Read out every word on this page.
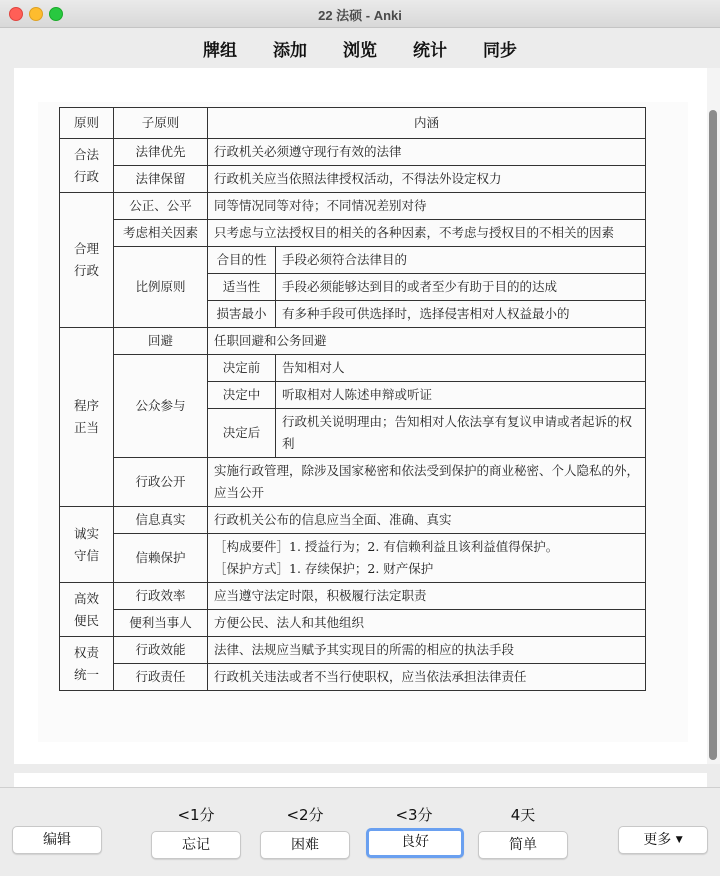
22 法硕 - Anki
牌组 添加 浏览 统计 同步
原则	子原则	内涵	
合法
行政	法律优先	行政机关必须遵守现行有效的法律	
	法律保留	行政机关应当依照法律授权活动，不得法外设定权力	
合理
行政	公正、公平	同等情况同等对待；不同情况差别对待	
	考虑相关因素	只考虑与立法授权目的相关的各种因素，不考虑与授权目的不相关的因素	
	比例原则	合目的性	手段必须符合法律目的
		适当性	手段必须能够达到目的或者至少有助于目的的达成
		损害最小	有多种手段可供选择时，选择侵害相对人权益最小的
程序
正当	回避	任职回避和公务回避	
	公众参与	决定前	告知相对人
		决定中	听取相对人陈述申辩或听证
		决定后	行政机关说明理由；告知相对人依法享有复议申请或者起诉的权利
	行政公开	实施行政管理，除涉及国家秘密和依法受到保护的商业秘密、个人隐私的外，应当公开	
诚实
守信	信息真实	行政机关公布的信息应当全面、准确、真实	
	信赖保护	［构成要件］1. 授益行为；2. 有信赖利益且该利益值得保护。
［保护方式］1. 存续保护；2. 财产保护	

高效
便民	行政效率	应当遵守法定时限，积极履行法定职责	
	便利当事人	方便公民、法人和其他组织	
权责
统一	行政效能	法律、法规应当赋予其实现目的所需的相应的执法手段	
	行政责任	行政机关违法或者不当行使职权，应当依法承担法律责任	
编辑
<1分	<2分	<3分	4天
忘记	困难	良好	简单	更多 ▼
